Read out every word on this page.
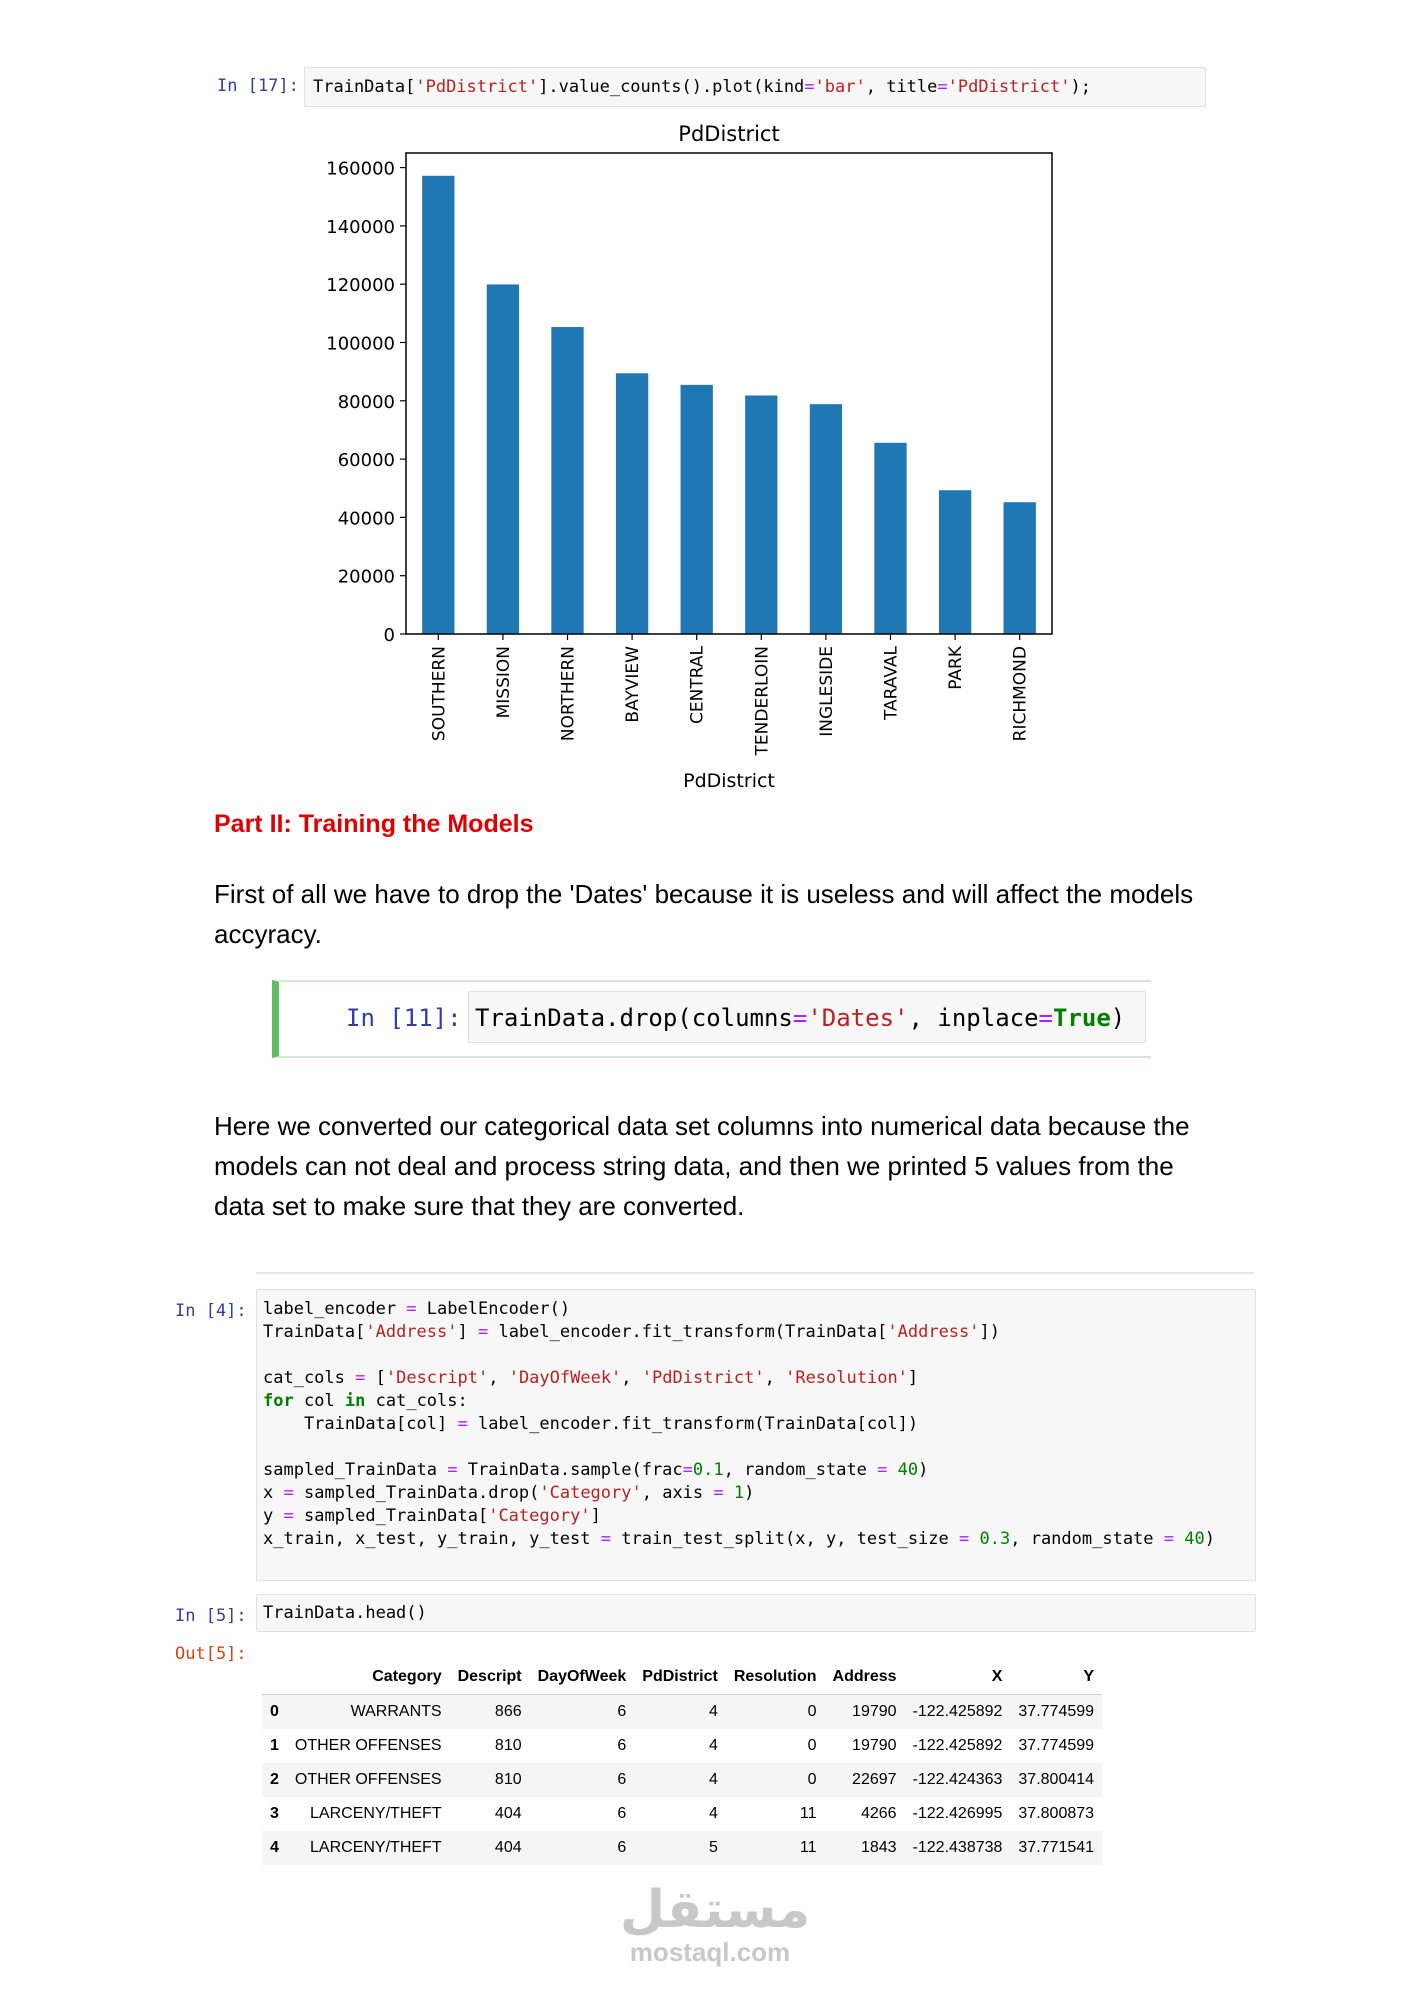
In [17]: TrainData['PdDistrict'].value_counts().plot(kind='bar', title='PdDistrict');
PdDistrict
0
20000
40000
60000
80000
100000
120000
140000
160000
SOUTHERN	MISSION	NORTHERN	BAYVIEW	CENTRAL	TENDERLOIN	INGLESIDE	TARAVAL	PARK	RICHMOND
PdDistrict
Part II: Training the Models
First of all we have to drop the 'Dates' because it is useless and will affect the models accyracy.
In [11]: TrainData.drop(columns='Dates', inplace=True)
Here we converted our categorical data set columns into numerical data because the models can not deal and process string data, and then we printed 5 values from the data set to make sure that they are converted.
In [4]: label_encoder = LabelEncoder()
TrainData['Address'] = label_encoder.fit_transform(TrainData['Address'])

cat_cols = ['Descript', 'DayOfWeek', 'PdDistrict', 'Resolution']
for col in cat_cols:
TrainData[col] = label_encoder.fit_transform(TrainData[col])

sampled_TrainData = TrainData.sample(frac=0.1, random_state = 40)
x = sampled_TrainData.drop('Category', axis = 1)
y = sampled_TrainData['Category']
x_train, x_test, y_train, y_test = train_test_split(x, y, test_size = 0.3, random_state = 40)
In [5]: TrainData.head()
Out[5]:
	Category	Descript	DayOfWeek	PdDistrict	Resolution	Address	X	Y
0	WARRANTS	866	6	4	0	19790	-122.425892	37.774599
1	OTHER OFFENSES	810	6	4	0	19790	-122.425892	37.774599
2	OTHER OFFENSES	810	6	4	0	22697	-122.424363	37.800414
3	LARCENY/THEFT	404	6	4	11	4266	-122.426995	37.800873
4	LARCENY/THEFT	404	6	5	11	1843	-122.438738	37.771541
مستقل
mostaql.com
